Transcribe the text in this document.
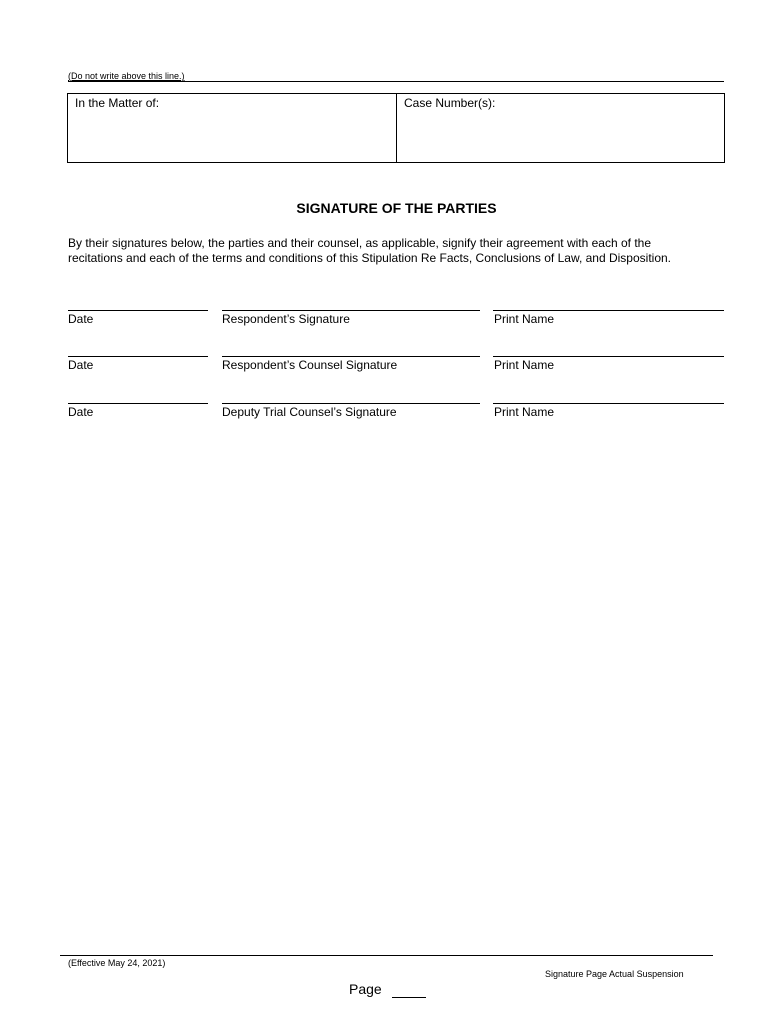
(Do not write above this line.)
In the Matter of:	Case Number(s):
SIGNATURE OF THE PARTIES
By their signatures below, the parties and their counsel, as applicable, signify their agreement with each of the
recitations and each of the terms and conditions of this Stipulation Re Facts, Conclusions of Law, and Disposition.
Date	Respondent’s Signature	Print Name
Date	Respondent’s Counsel Signature	Print Name
Date	Deputy Trial Counsel’s Signature	Print Name
(Effective May 24, 2021)
Signature Page Actual Suspension
Page
